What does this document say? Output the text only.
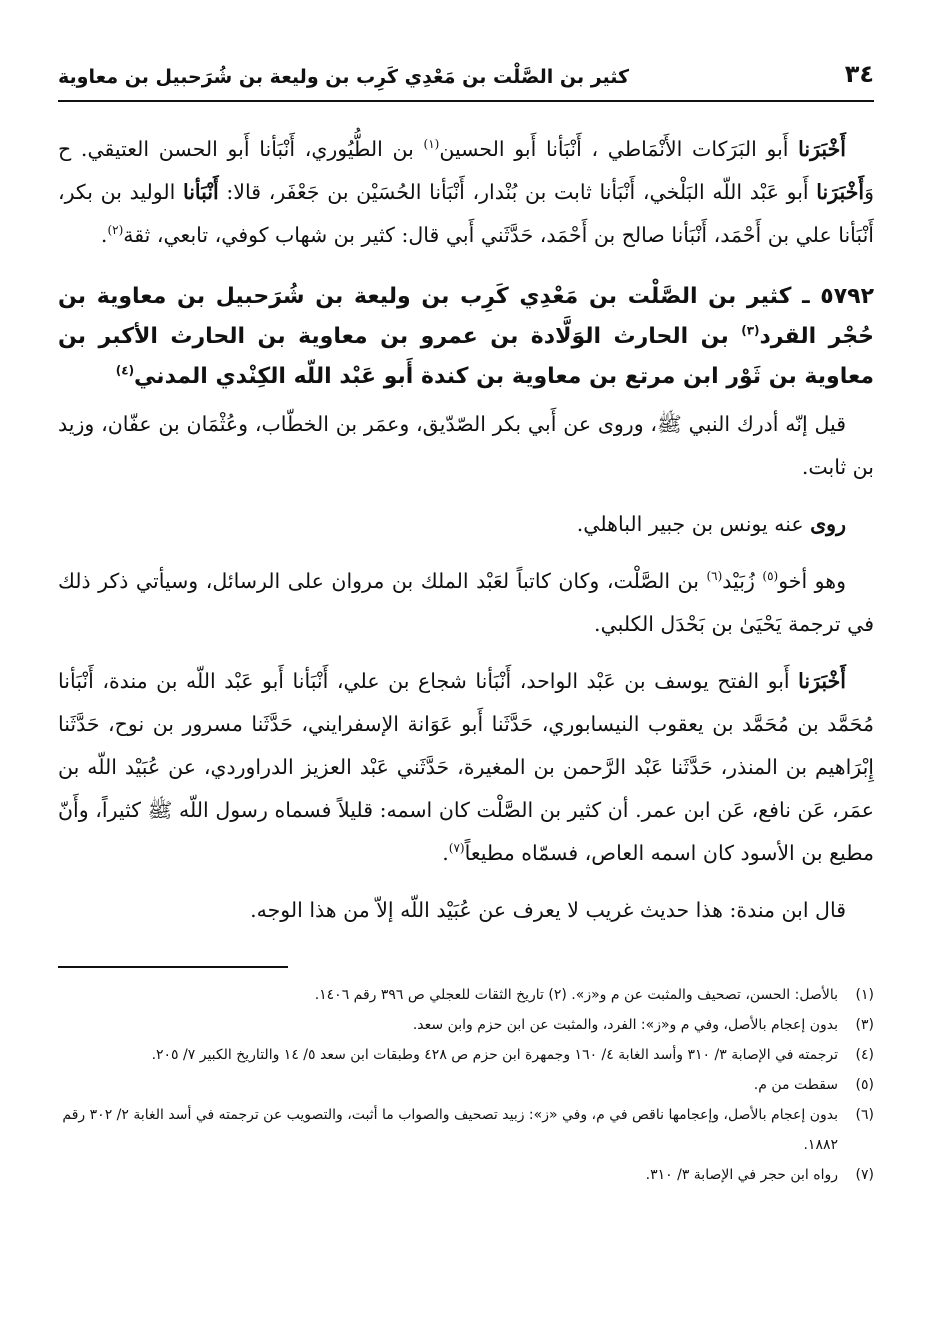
٣٤
كثير بن الصَّلْت بن مَعْدِي كَرِب بن وليعة بن شُرَحبيل بن معاوية

أَخْبَرَنا أَبو البَرَكات الأَنْمَاطي ، أَنْبَأنا أَبو الحسين$^{(١)}$ بن الطُّيُوري، أَنْبَأنا أَبو الحسن العتيقي. ح وَأَخْبَرَنا أَبو عَبْد اللّه البَلْخي، أَنْبَأنا ثابت بن بُنْدار، أَنْبَأنا الحُسَيْن بن جَعْفَر، قالا: أَنْبَأنا الوليد بن بكر، أَنْبَأنا علي بن أَحْمَد، أَنْبَأنا صالح بن أَحْمَد، حَدَّثَني أَبي قال: كثير بن شهاب كوفي، تابعي، ثقة$^{(٢)}$.

٥٧٩٢ ـ كثير بن الصَّلْت بن مَعْدِي كَرِب بن وليعة بن شُرَحبيل بن معاوية بن حُجْر القرد$^{(٣)}$ بن الحارث الوَلَّادة بن عمرو بن معاوية بن الحارث الأكبر بن معاوية بن ثَوْر ابن مرتع بن معاوية بن كندة أَبو عَبْد اللّه الكِنْدي المدني$^{(٤)}$

قيل إنّه أدرك النبي ﷺ، وروى عن أَبي بكر الصّدّيق، وعمَر بن الخطّاب، وعُثْمَان بن عفّان، وزيد بن ثابت.

روى عنه يونس بن جبير الباهلي.

وهو أخو$^{(٥)}$ زُبَيْد$^{(٦)}$ بن الصَّلْت، وكان كاتباً لعَبْد الملك بن مروان على الرسائل، وسيأتي ذكر ذلك في ترجمة يَحْيَىٰ بن بَحْدَل الكلبي.

أَخْبَرَنا أَبو الفتح يوسف بن عَبْد الواحد، أَنْبَأنا شجاع بن علي، أَنْبَأنا أَبو عَبْد اللّه بن مندة، أَنْبَأنا مُحَمَّد بن مُحَمَّد بن يعقوب النيسابوري، حَدَّثَنا أَبو عَوَانة الإسفرايني، حَدَّثَنا مسرور بن نوح، حَدَّثَنا إِبْرَاهيم بن المنذر، حَدَّثَنا عَبْد الرَّحمن بن المغيرة، حَدَّثَني عَبْد العزيز الدراوردي، عن عُبَيْد اللّه بن عمَر، عَن نافع، عَن ابن عمر. أن كثير بن الصَّلْت كان اسمه: قليلاً فسماه رسول اللّه ﷺ كثيراً، وأَنّ مطيع بن الأسود كان اسمه العاص، فسمّاه مطيعاً$^{(٧)}$.

قال ابن مندة: هذا حديث غريب لا يعرف عن عُبَيْد اللّه إلاّ من هذا الوجه.

(١)
بالأصل: الحسن، تصحيف والمثبت عن م و«ز». (٢) تاريخ الثقات للعجلي ص ٣٩٦ رقم ١٤٠٦.
(٣)
بدون إعجام بالأصل، وفي م و«ز»: الفرد، والمثبت عن ابن حزم وابن سعد.
(٤)
ترجمته في الإصابة ٣/ ٣١٠ وأسد الغابة ٤/ ١٦٠ وجمهرة ابن حزم ص ٤٢٨ وطبقات ابن سعد ٥/ ١٤ والتاريخ الكبير ٧/ ٢٠٥.
(٥)
سقطت من م.
(٦)
بدون إعجام بالأصل، وإعجامها ناقص في م، وفي «ز»: زبيد تصحيف والصواب ما أثبت، والتصويب عن ترجمته في أسد الغابة ٢/ ٣٠٢ رقم ١٨٨٢.
(٧)
رواه ابن حجر في الإصابة ٣/ ٣١٠.
